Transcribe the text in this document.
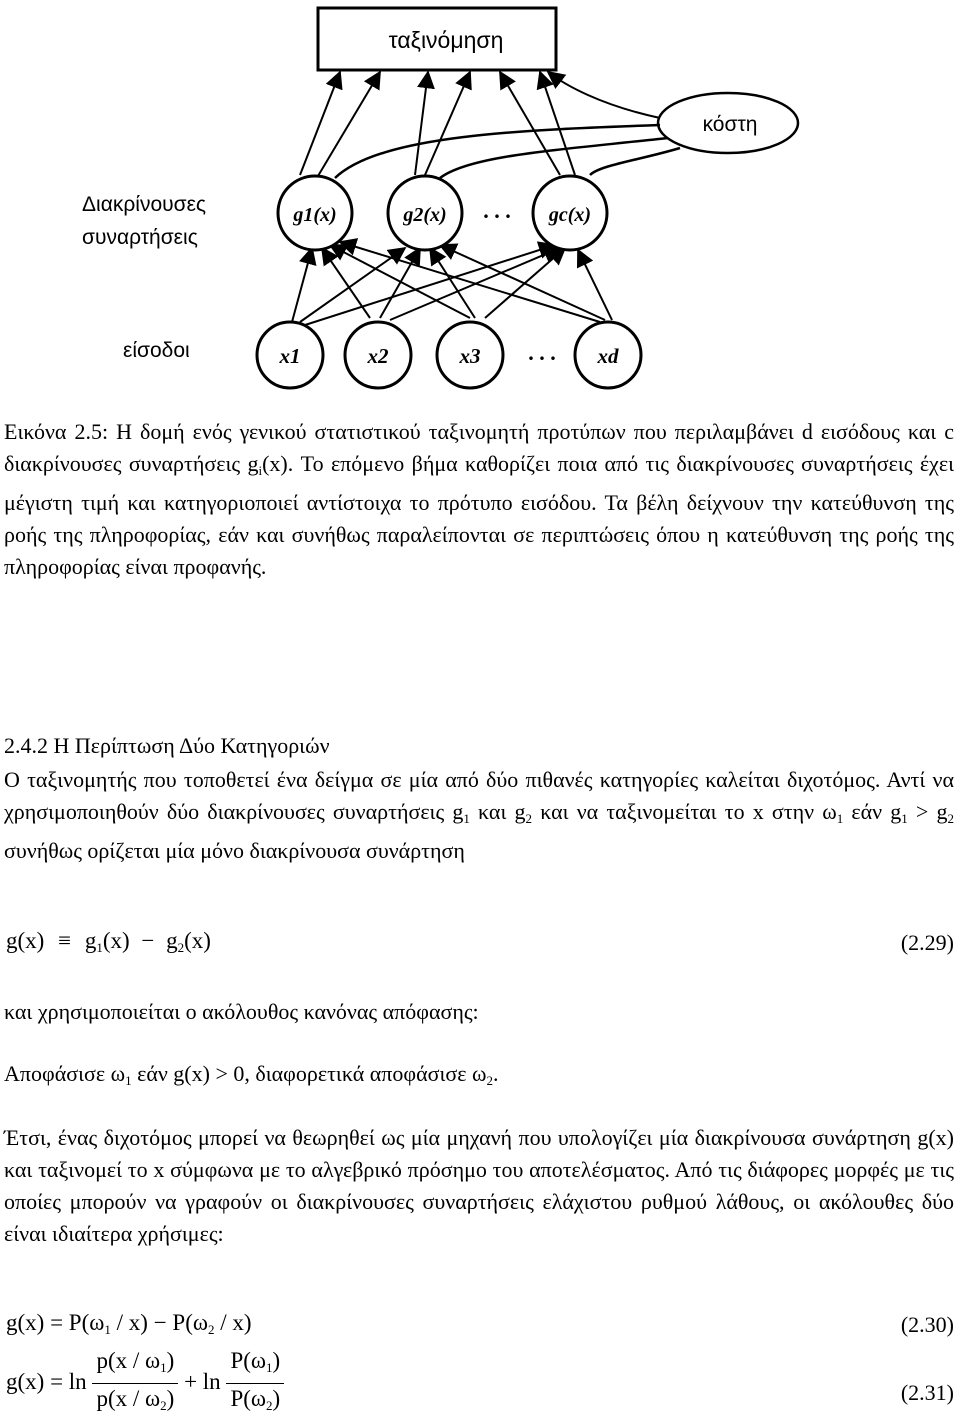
ταξινόμηση
κόστη
g1(x)	g2(x) . . . gc(x)
x1	x2	x3 . . . xd
Διακρίνουσες
συναρτήσεις
είσοδοι

Εικόνα 2.5: Η δομή ενός γενικού στατιστικού ταξινομητή προτύπων που περιλαμβάνει d εισόδους και c διακρίνουσες συναρτήσεις $g_i(x)$. Το επόμενο βήμα καθορίζει ποια από τις διακρίνουσες συναρτήσεις έχει μέγιστη τιμή και κατηγοριοποιεί αντίστοιχα το πρότυπο εισόδου. Τα βέλη δείχνουν την κατεύθυνση της ροής της πληροφορίας, εάν και συνήθως παραλείπονται σε περιπτώσεις όπου η κατεύθυνση της ροής της πληροφορίας είναι προφανής.

2.4.2 Η Περίπτωση Δύο Κατηγοριών

Ο ταξινομητής που τοποθετεί ένα δείγμα σε μία από δύο πιθανές κατηγορίες καλείται διχοτόμος. Αντί να χρησιμοποιηθούν δύο διακρίνουσες συναρτήσεις $g_1$ και $g_2$ και να ταξινομείται το x στην $\omega_1$ εάν $g_1 > g_2$ συνήθως ορίζεται μία μόνο διακρίνουσα συνάρτηση

$g(x) \equiv g_1(x) - g_2(x)$	(2.29)

και χρησιμοποιείται ο ακόλουθος κανόνας απόφασης:

Αποφάσισε $\omega_1$ εάν g(x) > 0, διαφορετικά αποφάσισε $\omega_2$.

Έτσι, ένας διχοτόμος μπορεί να θεωρηθεί ως μία μηχανή που υπολογίζει μία διακρίνουσα συνάρτηση g(x) και ταξινομεί το x σύμφωνα με το αλγεβρικό πρόσημο του αποτελέσματος. Από τις διάφορες μορφές με τις οποίες μπορούν να γραφούν οι διακρίνουσες συναρτήσεις ελάχιστου ρυθμού λάθους, οι ακόλουθες δύο είναι ιδιαίτερα χρήσιμες:

$g(x) = P(\omega_1 / x) - P(\omega_2 / x)$	(2.30)
$g(x) = \ln \frac{p(x / \omega_1)}{p(x / \omega_2)} + \ln \frac{P(\omega_1)}{P(\omega_2)}$	(2.31)
